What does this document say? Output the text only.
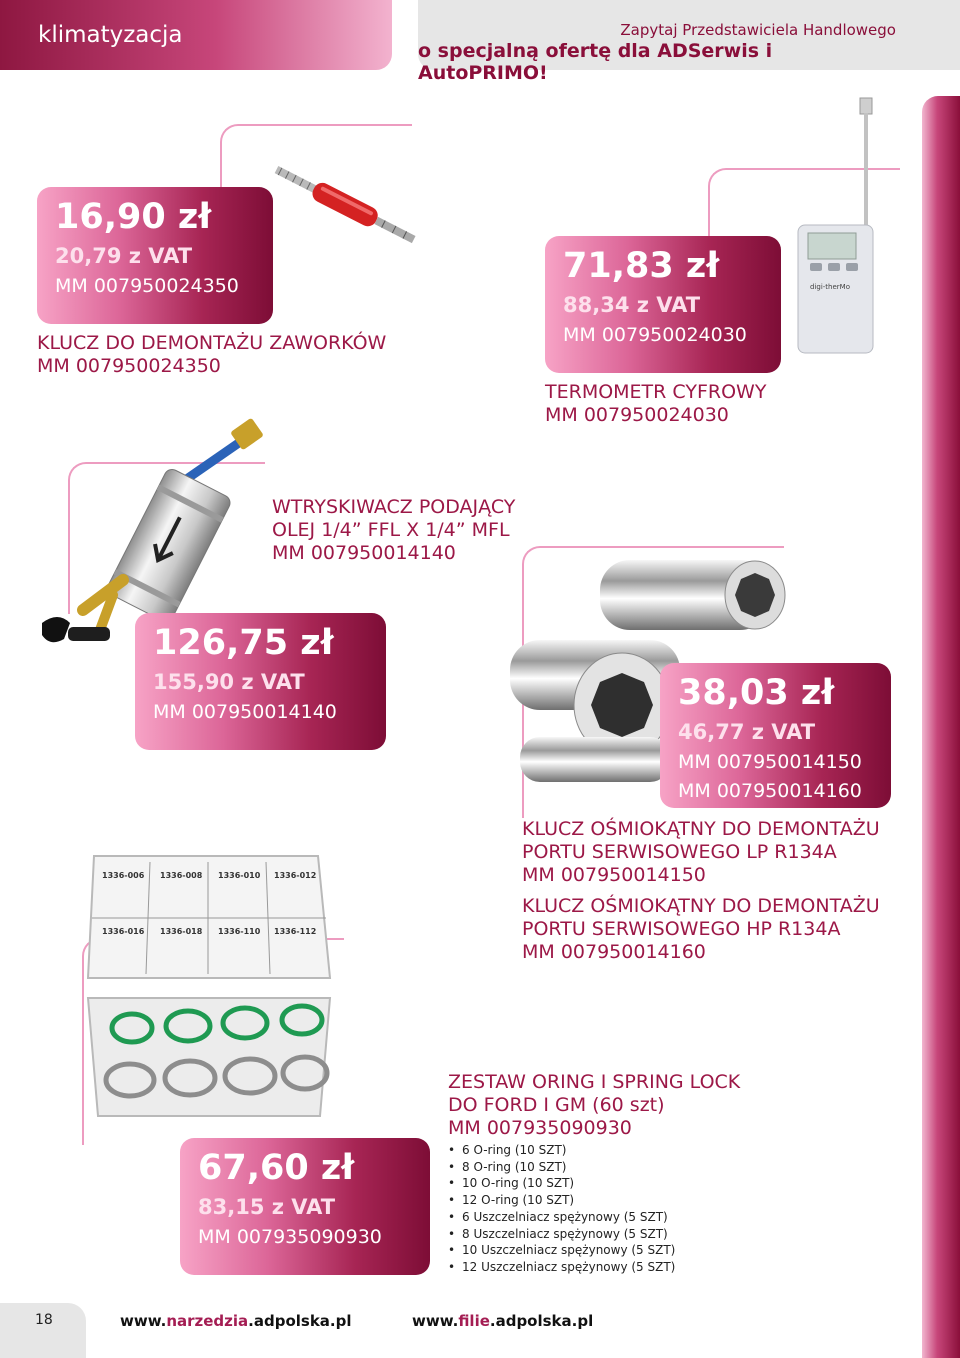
klimatyzacja	Zapytaj Przedstawiciela Handlowego
o specjalną ofertę dla ADSerwis i AutoPRIMO!
16,90 zł
20,79 z VAT
MM 007950024350
KLUCZ DO DEMONTAŻU ZAWORKÓW
MM 007950024350
digi-therMo
71,83 zł
88,34 z VAT
MM 007950024030
TERMOMETR CYFROWY
MM 007950024030
WTRYSKIWACZ PODAJĄCY
OLEJ 1/4” FFL X 1/4” MFL
MM 007950014140
126,75 zł
155,90 z VAT
MM 007950014140	38,03 zł
46,77 z VAT
MM 007950014150
MM 007950014160
KLUCZ OŚMIOKĄTNY DO DEMONTAŻU
PORTU SERWISOWEGO LP R134A
MM 007950014150
KLUCZ OŚMIOKĄTNY DO DEMONTAŻU
PORTU SERWISOWEGO HP R134A
MM 007950014160
1336-006 1336-008 1336-010 1336-012
1336-016 1336-018 1336-110 1336-112
ZESTAW ORING I SPRING LOCK
DO FORD I GM (60 szt)
MM 007935090930
• 6 O-ring (10 SZT)
• 8 O-ring (10 SZT)
• 10 O-ring (10 SZT)
• 12 O-ring (10 SZT)
• 6 Uszczelniacz spężynowy (5 SZT)
• 8 Uszczelniacz spężynowy (5 SZT)
• 10 Uszczelniacz spężynowy (5 SZT)
• 12 Uszczelniacz spężynowy (5 SZT)
67,60 zł
83,15 z VAT
MM 007935090930
18	www.narzedzia.adpolska.pl	www.filie.adpolska.pl
